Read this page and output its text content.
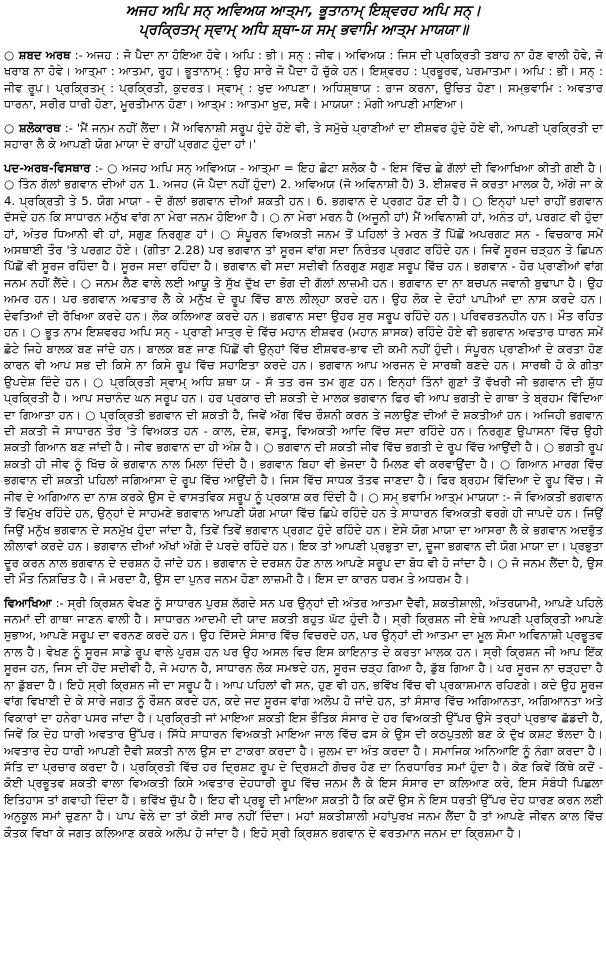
ਅਜਹ ਅਪਿ ਸਨ੍ ਅਵਿਅਯ ਆਤ੍ਮਾ, ਭੂਤਾਨਾਮ੍ ਇਸ਼੍ਵਰਹ ਅਪਿ ਸਨ੍।
ਪ੍ਰਕ੍ਰਿਤਮ੍ ਸ੍ਵਾਮ੍ ਅਧਿ ਸ਼੍ਥਾ-ਯ ਸਮ੍ ਭਵਾਮਿ ਆਤ੍ਮ ਮਾਯਯਾ॥

○ ਸ਼ਬਦ ਅਰਥ :- ਅਜਹ : ਜੋ ਪੈਦਾ ਨਾ ਹੋਇਆ ਹੋਵੇ। ਅਪਿ : ਭੀ। ਸਨ੍ : ਜੀਵ। ਅਵਿਅਯ : ਜਿਸ ਦੀ ਪ੍ਰਕ੍ਰਿਤੀ ਤਬਾਹ ਨਾ ਹੋਣ ਵਾਲੀ ਹੋਵੇ, ਜੋ ਖਰਾਬ ਨਾ ਹੋਵੇ। ਆਤ੍ਮਾ : ਆਤਮਾ, ਰੂਹ। ਭੂਤਾਨਾਮ੍ : ਉਹ ਸਾਰੇ ਜੋ ਪੈਦਾ ਹੋ ਚੁੱਕੇ ਹਨ। ਇਸ਼੍ਵਰਹ : ਪ੍ਰਭੂਰਵ, ਪਰਮਾਤਮਾ। ਅਪਿ : ਭੀ। ਸਨ੍ : ਜੀਵ ਰੂਪ। ਪ੍ਰਕ੍ਰਿਤਮ੍ : ਪ੍ਰਕ੍ਰਿਤੀ, ਕੁਦਰਤ। ਸ੍ਵਾਮ੍ : ਖੁਦ ਆਪਣਾ। ਅਧਿਸ਼੍ਥਾਯ : ਰਾਜ ਕਰਨਾ, ਉਚਿਤ ਹੋਣਾ। ਸਮ੍ਭਵਾਮਿ : ਅਵਤਾਰ ਧਾਰਨਾ, ਸਰੀਰ ਧਾਰੀ ਹੋਣਾ, ਮੂਰਤੀਮਾਨ ਹੋਣਾ। ਆਤ੍ਮ : ਆਤਮਾ ਖੁਦ, ਸਵੈ। ਮਾਯਯਾ : ਮੰਗੀ ਆਪਣੀ ਮਾਇਆ।

○ ਸ਼ਲੋਕਾਰਥ :- 'ਮੈਂ ਜਨਮ ਨਹੀਂ ਲੈਂਦਾ। ਮੈਂ ਅਵਿਨਾਸ਼ੀ ਸਰੂਪ ਹੁੰਦੇ ਹੋਏ ਵੀ, ਤੇ ਸਮੁੱਚੇ ਪ੍ਰਾਣੀਆਂ ਦਾ ਈਸ਼ਵਰ ਹੁੰਦੇ ਹੋਏ ਵੀ, ਆਪਣੀ ਪ੍ਰਕ੍ਰਿਤੀ ਦਾ ਸਹਾਰਾ ਲੈ ਕੇ ਆਪਣੀ ਯੋਗ ਮਾਯਾ ਦੇ ਰਾਹੀਂ ਪ੍ਰਗਟ ਹੁੰਦਾ ਹਾਂ।'

ਪਦ-ਅਰਥ-ਵਿਸਥਾਰ :- ○ ਅਜਹ ਅਪਿ ਸਨ੍ ਅਵਿਅਯ - ਆਤ੍ਮਾ = ਇਹ ਛੋਟਾ ਸ਼ਲੋਕ ਹੈ - ਇਸ ਵਿੱਚ ਛੇ ਗੱਲਾਂ ਦੀ ਵਿਆਖਿਆ ਕੀਤੀ ਗਈ ਹੈ। ○ ਤਿੰਨ ਗੱਲਾਂ ਭਗਵਾਨ ਦੀਆਂ ਹਨ 1. ਅਜਹ (ਜੋ ਪੈਦਾ ਨਹੀਂ ਹੁੰਦਾ) 2. ਅਵਿਅਯ (ਜੋ ਅਵਿਨਾਸ਼ੀ ਹੈ) 3. ਈਸ਼ਵਰ ਜੋ ਕਰਤਾ ਮਾਲਕ ਹੈ, ਅੱਗੇ ਜਾ ਕੇ 4. ਪ੍ਰਕ੍ਰਿਤੀ ਤੇ 5. ਯੋਗ ਮਾਯਾ - ਦੋ ਗੱਲਾਂ ਭਗਵਾਨ ਦੀਆਂ ਸ਼ਕਤੀ ਹਨ। 6. ਭਗਵਾਨ ਦੇ ਪ੍ਰਗਟ ਹੋਣ ਦੀ ਹੈ। ○ ਇਨ੍ਹਾਂ ਪਦਾਂ ਰਾਹੀਂ ਭਗਵਾਨ ਦੱਸਦੇ ਹਨ ਕਿ ਸਾਧਾਰਨ ਮਨੁੱਖ ਵਾਂਗ ਨਾ ਮੇਰਾ ਜਨਮ ਹੋਇਆ ਹੈ। ○ ਨਾ ਮੇਰਾ ਮਰਨ ਹੈ (ਅਜੂਨੀ ਹਾਂ) ਮੈਂ ਅਵਿਨਾਸ਼ੀ ਹਾਂ, ਅਨੰਤ ਹਾਂ, ਪਰਗਟ ਵੀ ਹੁੰਦਾ ਹਾਂ, ਅੰਤਰ ਧਿਆਨੀ ਵੀ ਹਾਂ, ਸਗੁਣ ਨਿਰਗੁਣ ਹਾਂ। ○ ਸੰਪੂਰਨ ਵਿਅਕਤੀ ਜਨਮ ਤੋਂ ਪਹਿਲਾਂ ਤੇ ਮਰਨ ਤੋਂ ਪਿੱਛੋਂ ਅਪਰਗਟ ਸਨ - ਵਿਚਕਾਰ ਸਮੇਂ ਅਸਥਾਈ ਤੌਰ 'ਤੇ ਪਰਗਟ ਹੋਏ। (ਗੀਤਾ 2.28) ਪਰ ਭਗਵਾਨ ਤਾਂ ਸੂਰਜ ਵਾਂਗ ਸਦਾ ਨਿਰੰਤਰ ਪ੍ਰਗਟ ਰਹਿੰਦੇ ਹਨ। ਜਿਵੇਂ ਸੂਰਜ ਚੜ੍ਹਨ ਤੇ ਛਿਪਨ ਪਿੱਛੋਂ ਵੀ ਸੂਰਜ ਰਹਿੰਦਾ ਹੈ। ਸੂਰਜ ਸਦਾ ਰਹਿੰਦਾ ਹੈ। ਭਗਵਾਨ ਵੀ ਸਦਾ ਸਦੀਵੀ ਨਿਰਗੁਣ ਸਗੁਣ ਸਰੂਪ ਵਿੱਚ ਹਨ। ਭਗਵਾਨ - ਹੋਰ ਪ੍ਰਾਣੀਆਂ ਵਾਂਗ ਜਨਮ ਨਹੀਂ ਲੈਂਦੇ। ○ ਜਨਮ ਲੈਣ ਵਾਲੇ ਲਈ ਆਯੂ ਤੇ ਸੁੱਖ ਦੁੱਖ ਦਾ ਭੋਗ ਦੀ ਗੱਲਾਂ ਲਾਜ਼ਮੀ ਹਨ। ਭਗਵਾਨ ਦਾ ਨਾ ਬਚਪਨ ਜਵਾਨੀ ਬੁਢਾਪਾ ਹੈ। ਉਹ ਅਮਰ ਹਨ। ਪਰ ਭਗਵਾਨ ਅਵਤਾਰ ਲੈ ਕੇ ਮਨੁੱਖ ਦੇ ਰੂਪ ਵਿੱਚ ਬਾਲ ਲੀਲ੍ਹਾ ਕਰਦੇ ਹਨ। ਉਹ ਲੋਕ ਦੇ ਦੋਹਾਂ ਪਾਪੀਆਂ ਦਾ ਨਾਸ ਕਰਦੇ ਹਨ। ਦੇਵਤਿਆਂ ਦੀ ਰੱਖਿਆ ਕਰਦੇ ਹਨ। ਲੋਕ ਕਲਿਆਣ ਕਰਦੇ ਹਨ। ਭਗਵਾਨ ਸਦਾ ਉਹਰ ਸੁਰ ਸਰੂਪ ਰਹਿੰਦੇ ਹਨ। ਪਰਿਵਰਤਨਹੀਨ ਹਨ। ਮੌਤ ਰਹਿਤ ਹਨ। ○ ਭੂਤ ਨਾਮ ਇਸ਼ਵਰਹ ਅਪਿ ਸਨ੍ - ਪ੍ਰਾਣੀ ਮਾਤ੍ਰ ਦੇ ਵਿੱਚ ਮਹਾਨ ਈਸ਼ਵਰ (ਮਹਾਨ ਸ਼ਾਸਕ) ਰਹਿੰਦੇ ਹੋਏ ਵੀ ਭਗਵਾਨ ਅਵਤਾਰ ਧਾਰਨ ਸਮੇਂ ਛੋਟੇ ਜਿਹੇ ਬਾਲਕ ਬਣ ਜਾਂਦੇ ਹਨ। ਬਾਲਕ ਬਣ ਜਾਣ ਪਿੱਛੋਂ ਵੀ ਉਨ੍ਹਾਂ ਵਿੱਚ ਈਸ਼ਵਰ-ਭਾਵ ਦੀ ਕਮੀ ਨਹੀਂ ਹੁੰਦੀ। ਸੰਪੂਰਨ ਪ੍ਰਾਣੀਆਂ ਦੇ ਕਰਤਾ ਹੋਣ ਕਾਰਨ ਵੀ ਆਪ ਸਭ ਦੀ ਕਿਸੇ ਨਾ ਕਿਸੇ ਰੂਪ ਵਿੱਚ ਸਹਾਇਤਾ ਕਰਦੇ ਹਨ। ਭਗਵਾਨ ਆਪ ਅਰਜਨ ਦੇ ਸਾਰਥੀ ਬਣਦੇ ਹਨ। ਸਾਰਥੀ ਹੋ ਕੇ ਗੀਤਾ ਉਪਦੇਸ਼ ਦਿੰਦੇ ਹਨ। ○ ਪ੍ਰਕ੍ਰਿਤੀ ਸ੍ਵਾਮ੍ ਅਧਿ ਸ਼ਥਾ ਯ - ਸੱ ਤਤ ਰਜ ਤਮ ਗੁਣ ਹਨ। ਇਨ੍ਹਾਂ ਤਿੰਨਾਂ ਗੁਣਾਂ ਤੋਂ ਵੱਖਰੀ ਜੀ ਭਗਵਾਨ ਦੀ ਸ਼ੁੱਧ ਪ੍ਰਕ੍ਰਿਤੀ ਹੈ। ਆਪ ਸਚਾਨੰਦ ਘਨ ਸਰੂਪ ਹਨ। ਹਰ ਪ੍ਰਕਾਰ ਦੀ ਸ਼ਕਤੀ ਦੇ ਮਾਲਕ ਭਗਵਾਨ ਫਿਰ ਵੀ ਆਪ ਭਗਤੀ ਦੇ ਗਾਥਾ ਤੇ ਬ੍ਰਹਮ ਵਿੱਦਿਆ ਦਾ ਗਿਆਤਾ ਹਨ। ○ ਪ੍ਰਕ੍ਰਿਤੀ ਭਗਵਾਨ ਦੀ ਸ਼ਕਤੀ ਹੈ, ਜਿਵੇਂ ਅੱਗ ਵਿੱਚ ਰੌਸ਼ਨੀ ਕਰਨ ਤੇ ਜਲਾਉਣ ਦੀਆਂ ਦੋ ਸ਼ਕਤੀਆਂ ਹਨ। ਅਜਿਹੀ ਭਗਵਾਨ ਦੀ ਸ਼ਕਤੀ ਜੋ ਸਾਧਾਰਨ ਤੌਰ 'ਤੇ ਵਿਅਕਤ ਹਨ - ਕਾਲ, ਦੇਸ਼, ਵਸਤੂ, ਵਿਅਕਤੀ ਆਦਿ ਵਿੱਚ ਸਦਾ ਰਹਿੰਦੇ ਹਨ। ਨਿਰਗੁਣ ਉਪਾਸਨਾ ਵਿੱਚ ਉਹੀ ਸ਼ਕਤੀ ਗਿਆਨ ਬਣ ਜਾਂਦੀ ਹੈ। ਜੀਵ ਭਗਵਾਨ ਦਾ ਹੀ ਅੰਸ਼ ਹੈ। ○ ਭਗਵਾਨ ਦੀ ਸ਼ਕਤੀ ਜੀਵ ਵਿੱਚ ਭਗਤੀ ਦੇ ਰੂਪ ਵਿੱਚ ਆਉਂਦੀ ਹੈ। ○ ਭਗਤੀ ਰੂਪ ਸ਼ਕਤੀ ਹੀ ਜੀਵ ਨੂੰ ਖਿੱਚ ਕੇ ਭਗਵਾਨ ਨਾਲ ਮਿਲਾ ਦਿੰਦੀ ਹੈ। ਭਗਵਾਨ ਬਿਹਾ ਵੀ ਭੇਜਦਾ ਹੈ ਮਿਲਣ ਵੀ ਕਰਵਾਉਂਦਾ ਹੈ। ○ ਗਿਆਨ ਮਾਰਗ ਵਿੱਚ ਭਗਵਾਨ ਦੀ ਸ਼ਕਤੀ ਪਹਿਲਾਂ ਜਗਿਆਸਾ ਦੇ ਰੂਪ ਵਿੱਚ ਆਉਂਦੀ ਹੈ। ਜਿਸ ਵਿੱਚ ਸਾਧਕ ਤੱਤਵ ਜਾਣਦਾ ਹੈ। ਫਿਰ ਬ੍ਰਹਮ ਵਿੱਦਿਆ ਦੇ ਰੂਪ ਵਿੱਚ। ਜੋ ਜੀਵ ਦੇ ਅਗਿਆਨ ਦਾ ਨਾਸ਼ ਕਰਕੇ ਉਸ ਦੇ ਵਾਸਤਵਿਕ ਸਰੂਪ ਨੂੰ ਪ੍ਰਕਾਸ਼ ਕਰ ਦਿੰਦੀ ਹੈ। ○ ਸਮ੍ ਭਵਾਮਿ ਆਤ੍ਮ ਮਾਯਯਾ :- ਜੋ ਵਿਅਕਤੀ ਭਗਵਾਨ ਤੋਂ ਵਿਮੁੱਖ ਰਹਿੰਦੇ ਹਨ, ਉਨ੍ਹਾਂ ਦੇ ਸਾਹਮਣੇ ਭਗਵਾਨ ਆਪਣੀ ਯੋਗ ਮਾਯਾ ਵਿੱਚ ਛਿਪੇ ਰਹਿੰਦੇ ਹਨ ਤੇ ਸਾਧਾਰਨ ਵਿਅਕਤੀ ਵਰਗੇ ਹੀ ਜਾਪਦੇ ਹਨ। ਜਿਉਂ ਜਿਉਂ ਮਨੁੱਖ ਭਗਵਾਨ ਦੇ ਸਨਮੁੱਖ ਹੁੰਦਾ ਜਾਂਦਾ ਹੈ, ਤਿਵੇਂ ਤਿਵੇਂ ਭਗਵਾਨ ਪ੍ਰਗਟ ਹੁੰਦੇ ਰਹਿੰਦੇ ਹਨ। ਏਸੇ ਯੋਗ ਮਾਯਾ ਦਾ ਆਸਰਾ ਲੈ ਕੇ ਭਗਵਾਨ ਅਦਭੁੱਤ ਲੀਲਾਵਾਂ ਕਰਦੇ ਹਨ। ਭਗਵਾਨ ਦੀਆਂ ਅੱਖਾਂ ਅੱਗੇ ਦੋ ਪਰਦੇ ਰਹਿੰਦੇ ਹਨ। ਇਕ ਤਾਂ ਆਪਣੀ ਪ੍ਰਭੁਤਾ ਦਾ, ਦੂਜਾ ਭਗਵਾਨ ਦੀ ਯੋਗ ਮਾਯਾ ਦਾ। ਪ੍ਰਭੁਤਾ ਦੂਰ ਕਰਨ ਨਾਲ ਭਗਵਾਨ ਦੇ ਦਰਸ਼ਨ ਹੋ ਜਾਂਦੇ ਹਨ। ਭਗਵਾਨ ਦੇ ਦਰਸ਼ਨ ਹੋਣ ਨਾਲ ਆਪਣੇ ਸਰੂਪ ਦਾ ਬੋਧ ਵੀ ਹੋ ਜਾਂਦਾ ਹੈ। ○ ਜੋ ਜਨਮ ਲੈਂਦਾ ਹੈ, ਉਸ ਦੀ ਮੌਤ ਨਿਸ਼ਚਿਤ ਹੈ। ਜੋ ਮਰਦਾ ਹੈ, ਉਸ ਦਾ ਪੁਨਰ ਜਨਮ ਹੋਣਾ ਲਾਜ਼ਮੀ ਹੈ। ਇਸ ਦਾ ਕਾਰਨ ਧਰਮ ਤੇ ਅਧਰਮ ਹੈ।

ਵਿਆਖਿਆ :- ਸ੍ਰੀ ਕ੍ਰਿਸ਼ਨ ਵੇਖਣ ਨੂੰ ਸਾਧਾਰਨ ਪੁਰਸ਼ ਲੱਗਦੇ ਸਨ ਪਰ ਉਨ੍ਹਾਂ ਦੀ ਅੰਤਰ ਆਤਮਾ ਦੈਵੀ, ਸ਼ਕਤੀਸ਼ਾਲੀ, ਅੰਤਰਯਾਮੀ, ਆਪਣੇ ਪਹਿਲੇ ਜਨਮਾਂ ਦੀ ਗਾਥਾ ਜਾਣਨ ਵਾਲੀ ਹੈ। ਸਾਧਾਰਨ ਆਦਮੀ ਦੀ ਯਾਦ ਸ਼ਕਤੀ ਬਹੁਤ ਘੱਟ ਹੁੰਦੀ ਹੈ। ਸ੍ਰੀ ਕ੍ਰਿਸ਼ਨ ਜੀ ਏਥੇ ਆਪਣੀ ਪ੍ਰਕ੍ਰਿਤੀ ਆਪਣੇ ਸੁਭਾਅ, ਆਪਣੇ ਸਰੂਪ ਦਾ ਵਰਨਣ ਕਰਦੇ ਹਨ। ਉਹ ਦਿੱਸਦੇ ਸੰਸਾਰ ਵਿੱਚ ਵਿਚਰਦੇ ਹਨ, ਪਰ ਉਨ੍ਹਾਂ ਦੀ ਆਤਮਾ ਦਾ ਮੂਲ ਸੋਮਾ ਅਵਿਨਾਸ਼ੀ ਪ੍ਰਭੂਤਵ ਨਾਲ ਹੈ। ਵੇਖਣ ਨੂੰ ਸੂਰਜ ਸਾਡੇ ਰੂਪ ਵਾਲੇ ਪੁਰਸ਼ ਹਨ ਪਰ ਉਹ ਅਸਲ ਵਿਚ ਇਸ ਕਾਇਨਾਤ ਦੇ ਕਰਤਾ ਮਾਲਕ ਹਨ। ਸ੍ਰੀ ਕ੍ਰਿਸ਼ਨ ਜੀ ਆਪ ਇੱਕ ਸੂਰਜ ਹਨ, ਜਿਸ ਦੀ ਹੋਂਦ ਸਦੀਵੀ ਹੈ, ਜੋ ਮਹਾਨ ਹੈ, ਸਾਧਾਰਨ ਲੋਕ ਸਮਝਦੇ ਹਨ, ਸੂਰਜ ਚੜ੍ਹ ਗਿਆ ਹੈ, ਡੁੱਬ ਗਿਆ ਹੈ। ਪਰ ਸੂਰਜ ਨਾ ਚੜ੍ਹਦਾ ਹੈ ਨਾ ਡੁੱਬਦਾ ਹੈ। ਇਹੋ ਸ੍ਰੀ ਕ੍ਰਿਸ਼ਨ ਜੀ ਦਾ ਸਰੂਪ ਹੈ। ਆਪ ਪਹਿਲਾਂ ਵੀ ਸਨ, ਹੁਣ ਵੀ ਹਨ, ਭਵਿੱਖ ਵਿੱਚ ਵੀ ਪ੍ਰਕਾਸ਼ਮਾਨ ਰਹਿਣਗੇ। ਕਦੇ ਉਹ ਸੂਰਜ ਵਾਂਗ ਵਿਖਾਈ ਦੇ ਕੇ ਸਾਰੇ ਜਗਤ ਨੂੰ ਰੌਸ਼ਨ ਕਰਦੇ ਹਨ, ਕਦੇ ਜਦ ਸੂਰਜ ਵਾਂਗ ਅਲੋਪ ਹੋ ਜਾਂਦੇ ਹਨ, ਤਾਂ ਸੰਸਾਰ ਵਿੱਚ ਅਗਿਆਨਤਾ, ਅਗਿਆਨਤਾ ਅਤੇ ਵਿਕਾਰਾਂ ਦਾ ਹਨੇਰਾ ਪਸਰ ਜਾਂਦਾ ਹੈ। ਪ੍ਰਕ੍ਰਿਤੀ ਜਾਂ ਮਾਇਆ ਸ਼ਕਤੀ ਇਸ ਭੌਤਿਕ ਸੰਸਾਰ ਦੇ ਹਰ ਵਿਅਕਤੀ ਉੱਪਰ ਉਸੇ ਤਰ੍ਹਾਂ ਪ੍ਰਭਾਵ ਛੱਡਦੀ ਹੈ, ਜਿਵੇਂ ਕਿ ਦੇਹ ਧਾਰੀ ਅਵਤਾਰ ਉੱਪਰ। ਸਿੱਧੇ ਸਾਧਾਰਨ ਵਿਅਕਤੀ ਮਾਇਆ ਜਾਲ ਵਿੱਚ ਫਸ ਕੇ ਉਸ ਦੀ ਕਠਪੁਤਲੀ ਬਣ ਕੇ ਦੁੱਖ ਕਸ਼ਟ ਝੱਲਦਾ ਹੈ। ਅਵਤਾਰ ਦੇਹ ਧਾਰੀ ਆਪਣੀ ਦੈਵੀ ਸ਼ਕਤੀ ਨਾਲ ਉਸ ਦਾ ਟਾਕਰਾ ਕਰਦਾ ਹੈ। ਜ਼ੁਲਮ ਦਾ ਅੰਤ ਕਰਦਾ ਹੈ। ਸਮਾਜਿਕ ਅਨਿਆਇ ਨੂੰ ਨੰਗਾ ਕਰਦਾ ਹੈ। ਸੱਤਿ ਦਾ ਪ੍ਰਚਾਰ ਕਰਦਾ ਹੈ। ਪ੍ਰਕ੍ਰਿਤੀ ਵਿੱਚ ਹਰ ਦ੍ਰਿਸ਼ਟ ਰੂਪ ਦੇ ਦ੍ਰਿਸ਼ਟੀ ਗੋਚਰ ਹੋਣ ਦਾ ਨਿਰਧਾਰਿਤ ਸਮਾਂ ਹੁੰਦਾ ਹੈ। ਕੋਣ ਕਿਵੇਂ ਕਿੱਥੇ ਕਦੋਂ - ਕੋਈ ਪ੍ਰਭੂਤਵ ਸ਼ਕਤੀ ਵਾਲਾ ਵਿਅਕਤੀ ਕਿਸੇ ਅਵਤਾਰ ਦੇਹਧਾਰੀ ਰੂਪ ਵਿੱਚ ਜਨਮ ਲੈ ਕੇ ਇਸ ਸੰਸਾਰ ਦਾ ਕਲਿਆਣ ਕਰੇ, ਇਸ ਸੰਬੰਧੀ ਪਿਛਲਾ ਇਤਿਹਾਸ ਤਾਂ ਗਵਾਹੀ ਦਿੰਦਾ ਹੈ। ਭਵਿੱਖ ਚੁੱਪ ਹੈ। ਇਹ ਵੀ ਪ੍ਰਭੂ ਦੀ ਮਾਇਆ ਸ਼ਕਤੀ ਹੈ ਕਿ ਕਦੋਂ ਉਸ ਨੇ ਇਸ ਧਰਤੀ ਉੱਪਰ ਦੇਹ ਧਾਰਣ ਕਰਨ ਲਈ ਅਨੁਕੂਲ ਸਮਾਂ ਚੁਣਨਾ ਹੈ। ਪਾਪ ਵੇਲੇ ਦਾ ਤਾਂ ਕੋਈ ਸਾਰ ਨਹੀਂ ਦਿੰਦਾ। ਮਹਾਂ ਸ਼ਕਤੀਸ਼ਾਲੀ ਮਹਾਂਪੁਰਖ ਜਨਮ ਲੈਂਦਾ ਹੈ ਤਾਂ ਆਪਣੇ ਜੀਵਨ ਕਾਲ ਵਿੱਚ ਕੌਤਕ ਵਿਖਾ ਕੇ ਜਗਤ ਕਲਿਆਣ ਕਰਕੇ ਅਲੋਪ ਹੋ ਜਾਂਦਾ ਹੈ। ਇਹੋ ਸ੍ਰੀ ਕ੍ਰਿਸ਼ਨ ਭਗਵਾਨ ਦੇ ਵਰਤਮਾਨ ਜਨਮ ਦਾ ਕ੍ਰਿਸ਼ਮਾ ਹੈ।
